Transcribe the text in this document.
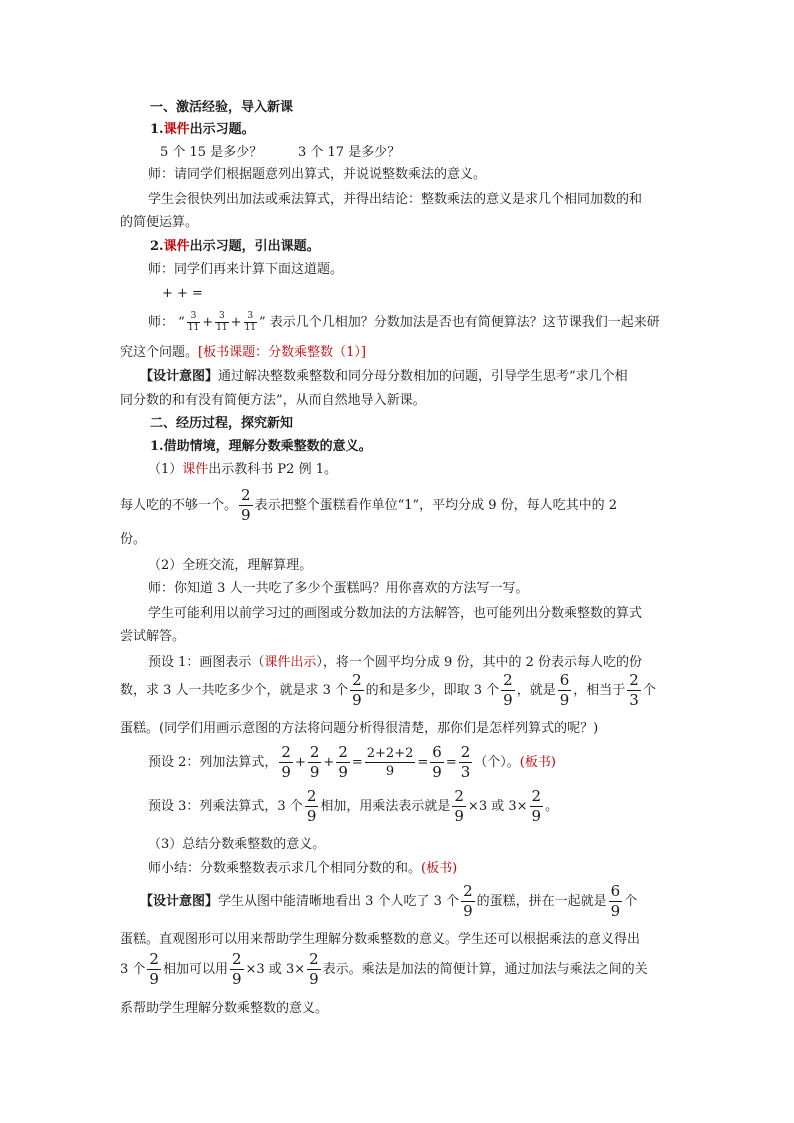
一、激活经验，导入新课
1.课件出示习题。
5 个 15 是多少？	3 个 17 是多少？
师：请同学们根据题意列出算式，并说说整数乘法的意义。
学生会很快列出加法或乘法算式，并得出结论：整数乘法的意义是求几个相同加数的和
的简便运算。
2.课件出示习题，引出课题。
师：同学们再来计算下面这道题。
+ + =
师： “ $\frac{3}{11} + \frac{3}{11} + \frac{3}{11}$ ” 表示几个几相加？分数加法是否也有简便算法？这节课我们一起来研
究这个问题。[板书课题：分数乘整数（1）]
【设计意图】通过解决整数乘整数和同分母分数相加的问题，引导学生思考“求几个相
同分数的和有没有简便方法”，从而自然地导入新课。
二、经历过程，探究新知
1.借助情境，理解分数乘整数的意义。
（1）课件出示教科书 P2 例 1。
每人吃的不够一个。 $\frac{2}{9}$ 表示把整个蛋糕看作单位“1”，平均分成 9 份，每人吃其中的 2
份。
（2）全班交流，理解算理。
师：你知道 3 人一共吃了多少个蛋糕吗？用你喜欢的方法写一写。
学生可能利用以前学习过的画图或分数加法的方法解答，也可能列出分数乘整数的算式
尝试解答。
预设 1：画图表示（课件出示），将一个圆平均分成 9 份，其中的 2 份表示每人吃的份
数，求 3 人一共吃多少个，就是求 3 个 $\frac{2}{9}$ 的和是多少，即取 3 个 $\frac{2}{9}$ ，就是 $\frac{6}{9}$ ，相当于 $\frac{2}{3}$ 个
蛋糕。(同学们用画示意图的方法将问题分析得很清楚，那你们是怎样列算式的呢？)
预设 2：列加法算式， $\frac{2}{9} + \frac{2}{9} + \frac{2}{9} = \frac{2+2+2}{9} = \frac{6}{9} = \frac{2}{3}$ （个）。(板书)
预设 3：列乘法算式，3 个 $\frac{2}{9}$ 相加，用乘法表示就是 $\frac{2}{9} \times 3$ 或 $3\times \frac{2}{9}$ 。
（3）总结分数乘整数的意义。
师小结：分数乘整数表示求几个相同分数的和。(板书)
【设计意图】学生从图中能清晰地看出 3 个人吃了 3 个 $\frac{2}{9}$ 的蛋糕，拼在一起就是 $\frac{6}{9}$ 个
蛋糕。直观图形可以用来帮助学生理解分数乘整数的意义。学生还可以根据乘法的意义得出
3 个 $\frac{2}{9}$ 相加可以用 $\frac{2}{9} \times 3$ 或 $3\times \frac{2}{9}$ 表示。乘法是加法的简便计算，通过加法与乘法之间的关
系帮助学生理解分数乘整数的意义。
